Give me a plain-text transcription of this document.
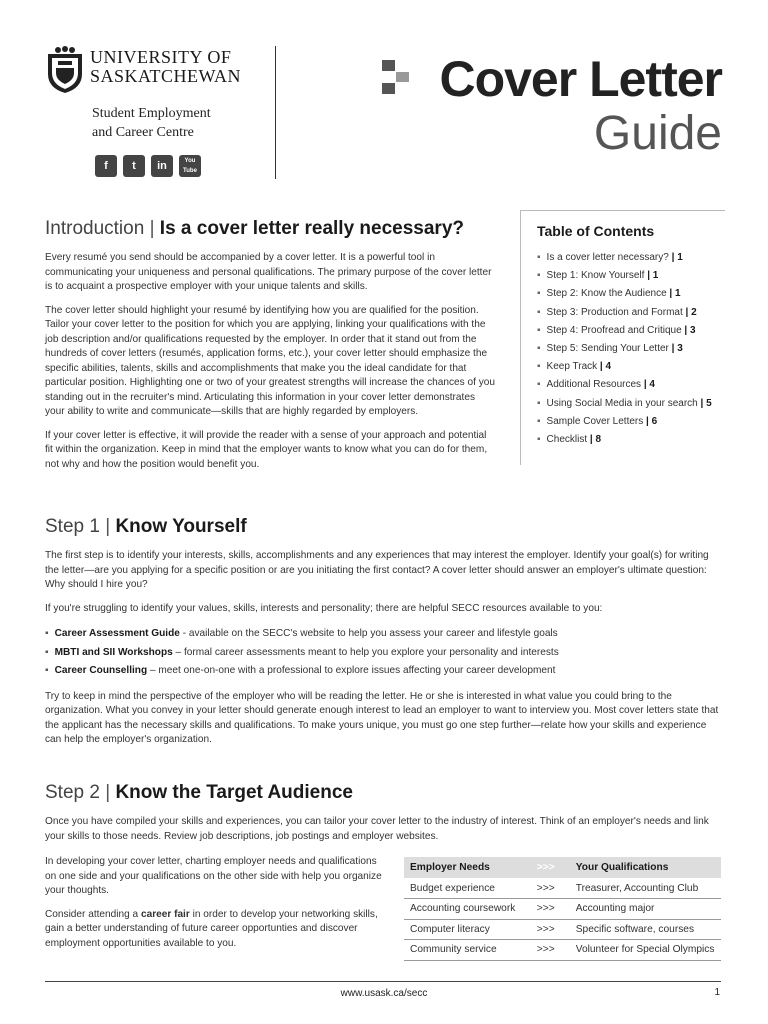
UNIVERSITY OF
SASKATCHEWAN
Student Employment
and Career Centre
f	t	in	You Tube
Cover Letter
Guide
Introduction | Is a cover letter really necessary?

Every resumé you send should be accompanied by a cover letter. It is a powerful tool in communicating your uniqueness and personal qualifications. The primary purpose of the cover letter is to acquaint a prospective employer with your unique talents and skills.

The cover letter should highlight your resumé by identifying how you are qualified for the position. Tailor your cover letter to the position for which you are applying, linking your qualifications with the job description and/or qualifications requested by the employer. In order that it stand out from the hundreds of cover letters (resumés, application forms, etc.), your cover letter should emphasize the specific abilities, talents, skills and accomplishments that make you the ideal candidate for that particular position. Highlighting one or two of your greatest strengths will increase the chances of you standing out in the recruiter's mind. Articulating this information in your cover letter demonstrates your ability to write and communicate—skills that are highly regarded by employers.

If your cover letter is effective, it will provide the reader with a sense of your approach and potential fit within the organization. Keep in mind that the employer wants to know what you can do for them, not why and how the position would benefit you.

Table of Contents
▪ Is a cover letter necessary? | 1
▪ Step 1: Know Yourself | 1
▪ Step 2: Know the Audience | 1
▪ Step 3: Production and Format | 2
▪ Step 4: Proofread and Critique | 3
▪ Step 5: Sending Your Letter | 3
▪ Keep Track | 4
▪ Additional Resources | 4
▪ Using Social Media in your search | 5
▪ Sample Cover Letters | 6
▪ Checklist | 8
Step 1 | Know Yourself

The first step is to identify your interests, skills, accomplishments and any experiences that may interest the employer. Identify your goal(s) for writing the letter—are you applying for a specific position or are you initiating the first contact? A cover letter should answer an employer's ultimate question: Why should I hire you?

If you're struggling to identify your values, skills, interests and personality; there are helpful SECC resources available to you:

▪ Career Assessment Guide - available on the SECC's website to help you assess your career and lifestyle goals
▪ MBTI and SII Workshops – formal career assessments meant to help you explore your personality and interests
▪ Career Counselling – meet one-on-one with a professional to explore issues affecting your career development

Try to keep in mind the perspective of the employer who will be reading the letter. He or she is interested in what value you could bring to the organization. What you convey in your letter should generate enough interest to lead an employer to want to interview you. Most cover letters state that the applicant has the necessary skills and qualifications. To make yours unique, you must go one step further—relate how your skills and experience can help the employer's organization.

Step 2 | Know the Target Audience

Once you have compiled your skills and experiences, you can tailor your cover letter to the industry of interest. Think of an employer's needs and link your skills to those needs. Review job descriptions, job postings and employer websites.

In developing your cover letter, charting employer needs and qualifications on one side and your qualifications on the other side with help you organize your thoughts.

Consider attending a career fair in order to develop your networking skills, gain a better understanding of future career opportunties and discover employment opportunities available to you.

Employer Needs	>>>	Your Qualifications
Budget experience	>>>	Treasurer, Accounting Club
Accounting coursework	>>>	Accounting major
Computer literacy	>>>	Specific software, courses
Community service	>>>	Volunteer for Special Olympics
www.usask.ca/secc	1
